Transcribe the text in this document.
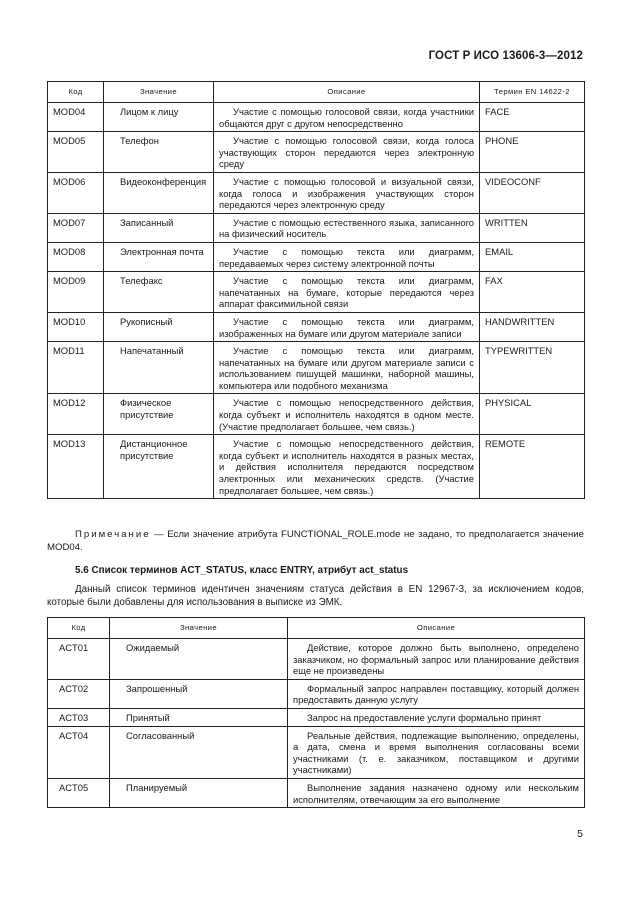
ГОСТ Р ИСО 13606-3—2012
Код	Значение	Описание	Термин EN 14622-2
MOD04	Лицом к лицу	Участие с помощью голосовой связи, когда участники общаются друг с другом непосредственно	FACE
MOD05	Телефон	Участие с помощью голосовой связи, когда голоса участвующих сторон передаются через электронную среду	PHONE
MOD06	Видеоконференция	Участие с помощью голосовой и визуальной связи, когда голоса и изображения участвующих сторон передаются через электронную среду	VIDEOCONF
MOD07	Записанный	Участие с помощью естественного языка, записанного на физический носитель	WRITTEN
MOD08	Электронная почта	Участие с помощью текста или диаграмм, передаваемых через систему электронной почты	EMAIL
MOD09	Телефакс	Участие с помощью текста или диаграмм, напечатанных на бумаге, которые передаются через аппарат факсимильной связи	FAX
MOD10	Рукописный	Участие с помощью текста или диаграмм, изображенных на бумаге или другом материале записи	HANDWRITTEN
MOD11	Напечатанный	Участие с помощью текста или диаграмм, напечатанных на бумаге или другом материале записи с использованием пишущей машинки, наборной машины, компьютера или подобного механизма	TYPEWRITTEN
MOD12	Физическое присутствие	Участие с помощью непосредственного действия, когда субъект и исполнитель находятся в одном месте. (Участие предполагает большее, чем связь.)	PHYSICAL
MOD13	Дистанционное присутствие	Участие с помощью непосредственного действия, когда субъект и исполнитель находятся в разных местах, и действия исполнителя передаются посредством электронных или механических средств. (Участие предполагает большее, чем связь.)	REMOTE

Примечание — Если значение атрибута FUNCTIONAL_ROLE.mode не задано, то предполагается значение MOD04.

5.6 Список терминов ACT_STATUS, класс ENTRY, атрибут act_status

Данный список терминов идентичен значениям статуса действия в EN 12967-3, за исключением кодов, которые были добавлены для использования в выписке из ЭМК.

Код	Значение	Описание
ACT01	Ожидаемый	Действие, которое должно быть выполнено, определено заказчиком, но формальный запрос или планирование действия еще не произведены
ACT02	Запрошенный	Формальный запрос направлен поставщику, который должен предоставить данную услугу
ACT03	Принятый	Запрос на предоставление услуги формально принят
ACT04	Согласованный	Реальные действия, подлежащие выполнению, определены, а дата, смена и время выполнения согласованы всеми участниками (т. е. заказчиком, поставщиком и другими участниками)
ACT05	Планируемый	Выполнение задания назначено одному или нескольким исполнителям, отвечающим за его выполнение
5
